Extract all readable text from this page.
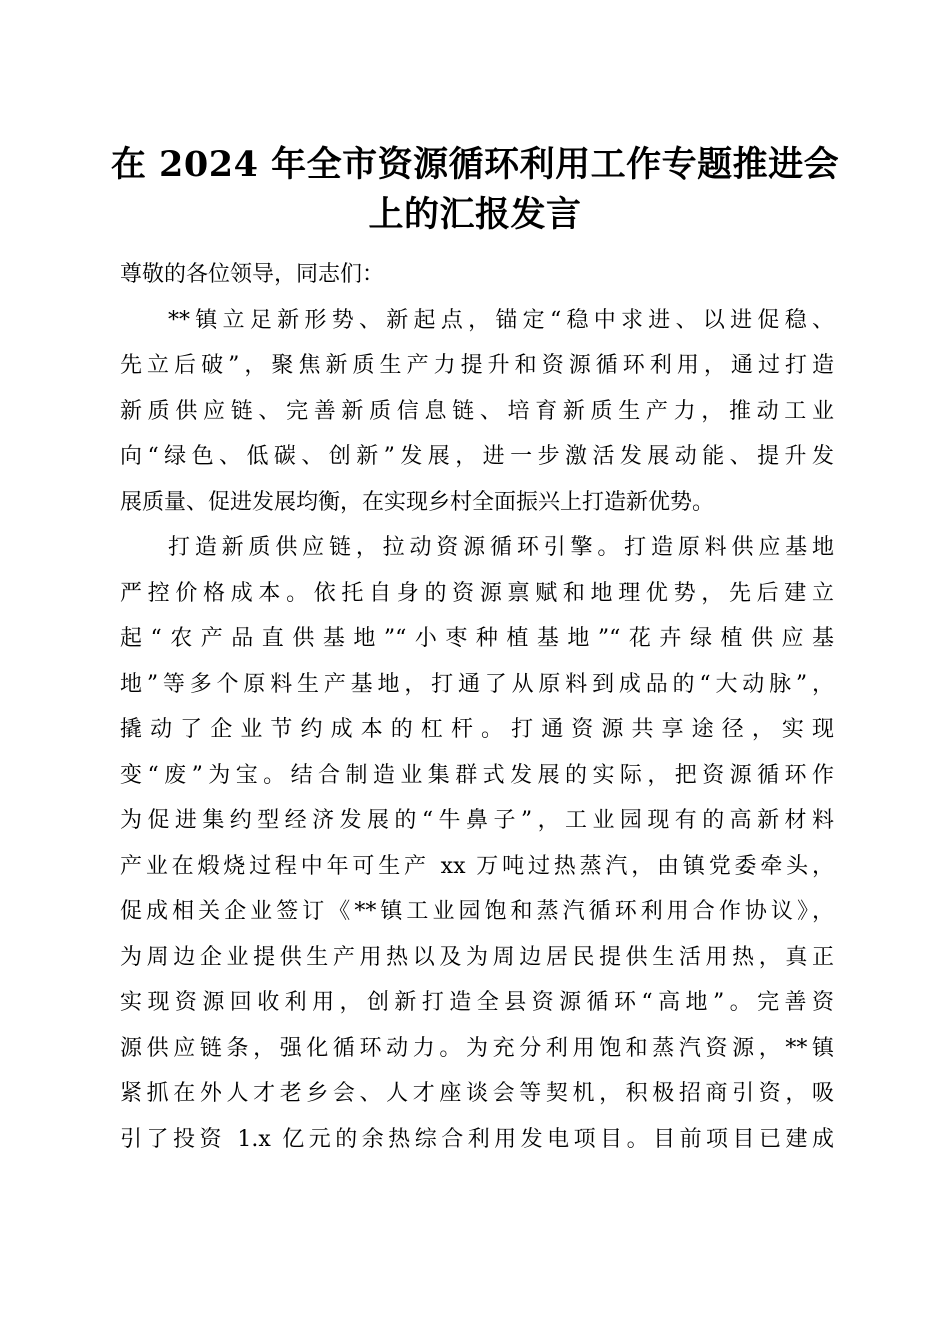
在 2024 年全市资源循环利用工作专题推进会
上的汇报发言
尊敬的各位领导，同志们：
**镇立足新形势、新起点，锚定“稳中求进、以进促稳、
先立后破”，聚焦新质生产力提升和资源循环利用，通过打造
新质供应链、完善新质信息链、培育新质生产力，推动工业
向“绿色、低碳、创新”发展，进一步激活发展动能、提升发
展质量、促进发展均衡，在实现乡村全面振兴上打造新优势。
打造新质供应链，拉动资源循环引擎。打造原料供应基地
严控价格成本。依托自身的资源禀赋和地理优势，先后建立
起“农产品直供基地”“小枣种植基地”“花卉绿植供应基
地”等多个原料生产基地，打通了从原料到成品的“大动脉”，
撬动了企业节约成本的杠杆。打通资源共享途径，实现
变“废”为宝。结合制造业集群式发展的实际，把资源循环作
为促进集约型经济发展的“牛鼻子”，工业园现有的高新材料
产业在煅烧过程中年可生产 xx 万吨过热蒸汽，由镇党委牵头，
促成相关企业签订《**镇工业园饱和蒸汽循环利用合作协议》，
为周边企业提供生产用热以及为周边居民提供生活用热，真正
实现资源回收利用，创新打造全县资源循环“高地”。完善资
源供应链条，强化循环动力。为充分利用饱和蒸汽资源，**镇
紧抓在外人才老乡会、人才座谈会等契机，积极招商引资，吸
引了投资 1.x 亿元的余热综合利用发电项目。目前项目已建成
